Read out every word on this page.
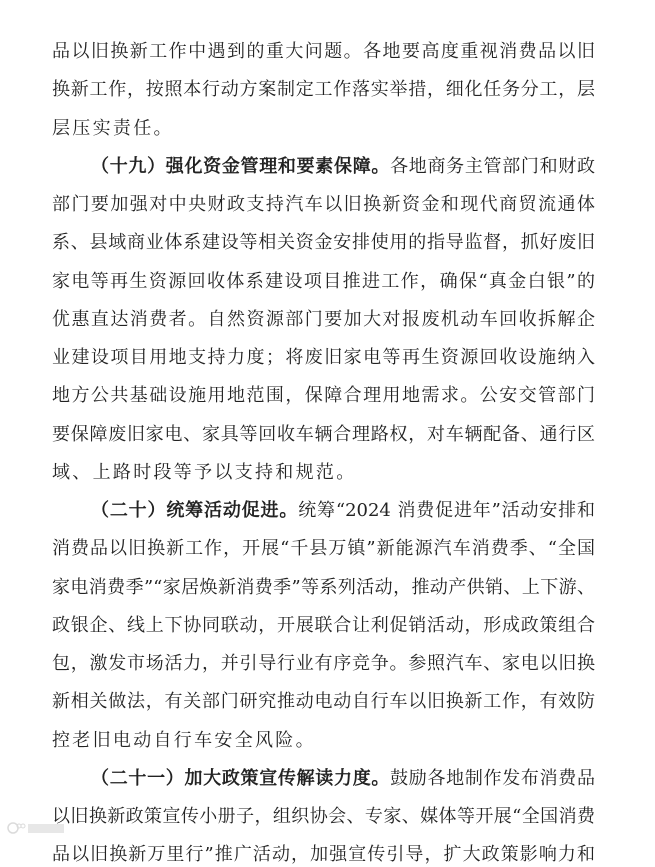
品以旧换新工作中遇到的重大问题。各地要高度重视消费品以旧
换新工作，按照本行动方案制定工作落实举措，细化任务分工，层
层压实责任。
（十九）强化资金管理和要素保障。各地商务主管部门和财政
部门要加强对中央财政支持汽车以旧换新资金和现代商贸流通体
系、县域商业体系建设等相关资金安排使用的指导监督，抓好废旧
家电等再生资源回收体系建设项目推进工作，确保“真金白银”的
优惠直达消费者。自然资源部门要加大对报废机动车回收拆解企
业建设项目用地支持力度；将废旧家电等再生资源回收设施纳入
地方公共基础设施用地范围，保障合理用地需求。公安交管部门
要保障废旧家电、家具等回收车辆合理路权，对车辆配备、通行区
域、上路时段等予以支持和规范。
（二十）统筹活动促进。统筹“2024 消费促进年”活动安排和
消费品以旧换新工作，开展“千县万镇”新能源汽车消费季、“全国
家电消费季”“家居焕新消费季”等系列活动，推动产供销、上下游、
政银企、线上下协同联动，开展联合让利促销活动，形成政策组合
包，激发市场活力，并引导行业有序竞争。参照汽车、家电以旧换
新相关做法，有关部门研究推动电动自行车以旧换新工作，有效防
控老旧电动自行车安全风险。
（二十一）加大政策宣传解读力度。鼓励各地制作发布消费品
以旧换新政策宣传小册子，组织协会、专家、媒体等开展“全国消费
品以旧换新万里行”推广活动，加强宣传引导，扩大政策影响力和
